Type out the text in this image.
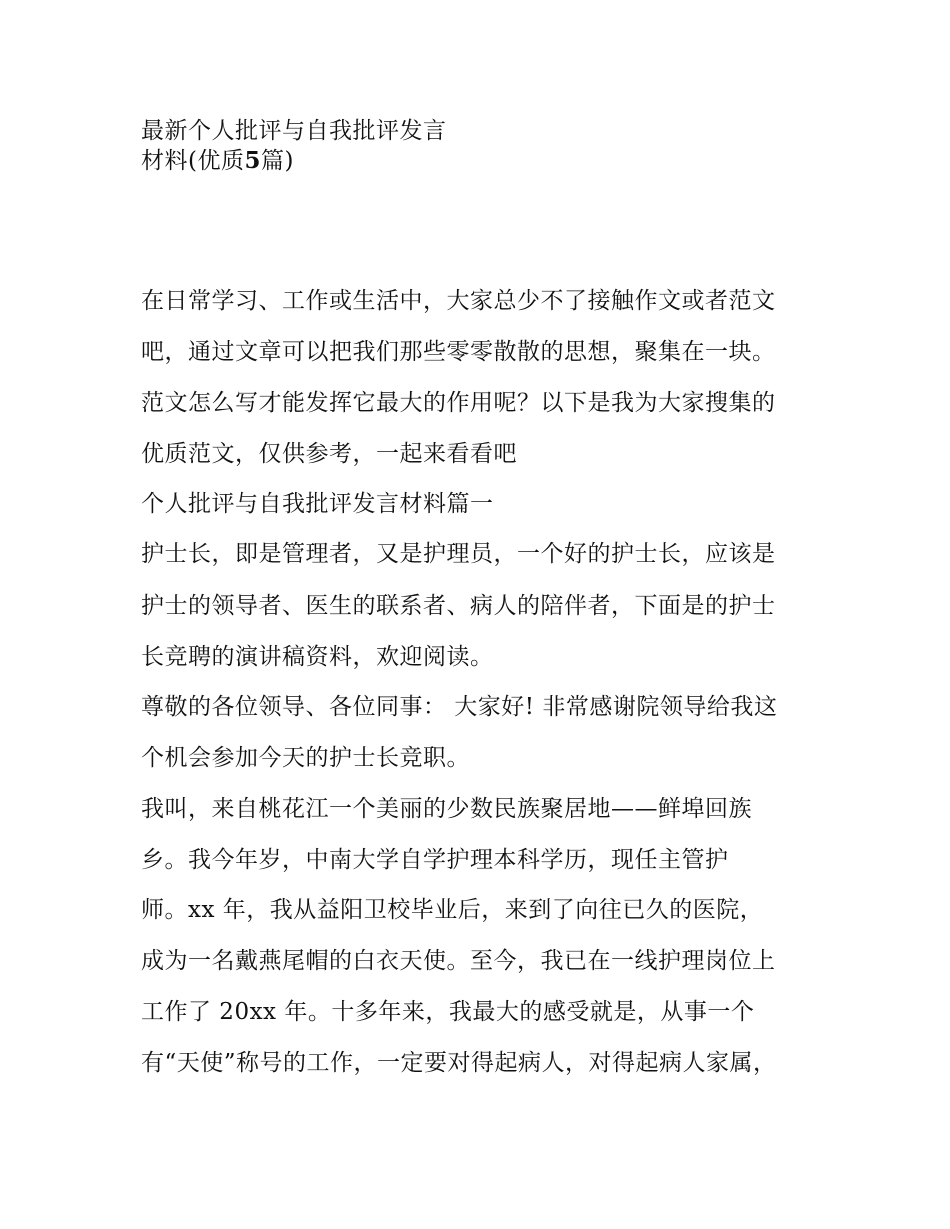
最新个人批评与自我批评发言
材料(优质5篇)
在日常学习、工作或生活中，大家总少不了接触作文或者范文
吧，通过文章可以把我们那些零零散散的思想，聚集在一块。
范文怎么写才能发挥它最大的作用呢？以下是我为大家搜集的
优质范文，仅供参考，一起来看看吧
个人批评与自我批评发言材料篇一
护士长，即是管理者，又是护理员，一个好的护士长，应该是
护士的领导者、医生的联系者、病人的陪伴者，下面是的护士
长竞聘的演讲稿资料，欢迎阅读。
尊敬的各位领导、各位同事： 大家好! 非常感谢院领导给我这
个机会参加今天的护士长竞职。
我叫，来自桃花江一个美丽的少数民族聚居地——鲜埠回族
乡。我今年岁，中南大学自学护理本科学历，现任主管护
师。xx 年，我从益阳卫校毕业后，来到了向往已久的医院，
成为一名戴燕尾帽的白衣天使。至今，我已在一线护理岗位上
工作了 20xx 年。十多年来，我最大的感受就是，从事一个
有“天使”称号的工作，一定要对得起病人，对得起病人家属，
